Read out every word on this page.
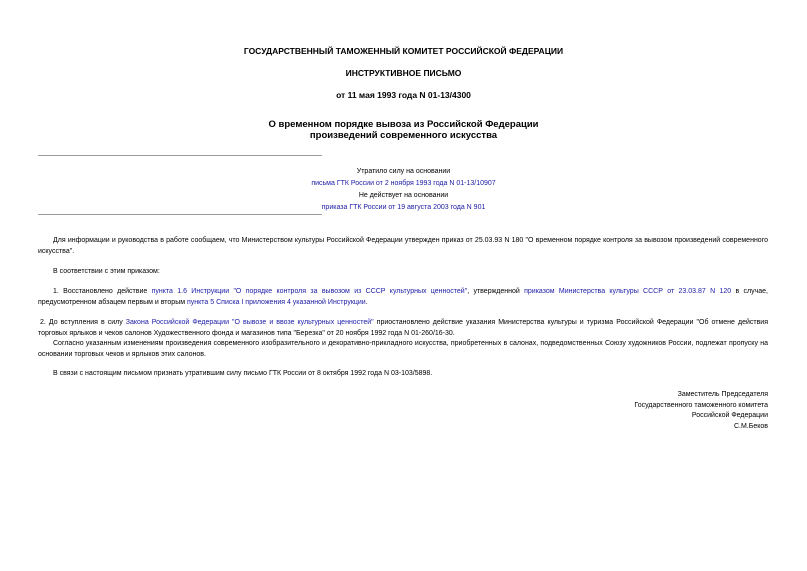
ГОСУДАРСТВЕННЫЙ ТАМОЖЕННЫЙ КОМИТЕТ РОССИЙСКОЙ ФЕДЕРАЦИИ
ИНСТРУКТИВНОЕ ПИСЬМО
от 11 мая 1993 года N 01-13/4300
О временном порядке вывоза из Российской Федерации
произведений современного искусства
Утратило силу на основании
письма ГТК России от 2 ноября 1993 года N 01-13/10907
Не действует на основании
приказа ГТК России от 19 августа 2003 года N 901
Для информации и руководства в работе сообщаем, что Министерством культуры Российской Федерации утвержден приказ от 25.03.93 N 180 "О временном порядке контроля за вывозом произведений современного искусства".
В соответствии с этим приказом:
1. Восстановлено действие пункта 1.6 Инструкции "О порядке контроля за вывозом из СССР культурных ценностей", утвержденной приказом Министерства культуры СССР от 23.03.87 N 120 в случае, предусмотренном абзацем первым и вторым пункта 5 Списка I приложения 4 указанной Инструкции.
2. До вступления в силу Закона Российской Федерации "О вывозе и ввозе культурных ценностей" приостановлено действие указания Министерства культуры и туризма Российской Федерации "Об отмене действия торговых ярлыков и чеков салонов Художественного фонда и магазинов типа "Березка" от 20 ноября 1992 года N 01-260/16-30.
Согласно указанным изменениям произведения современного изобразительного и декоративно-прикладного искусства, приобретенных в салонах, подведомственных Союзу художников России, подлежат пропуску на основании торговых чеков и ярлыков этих салонов.
В связи с настоящим письмом признать утратившим силу письмо ГТК России от 8 октября 1992 года N 03-103/5898.
Заместитель Председателя
Государственного таможенного комитета
Российской Федерации
С.М.Беков
